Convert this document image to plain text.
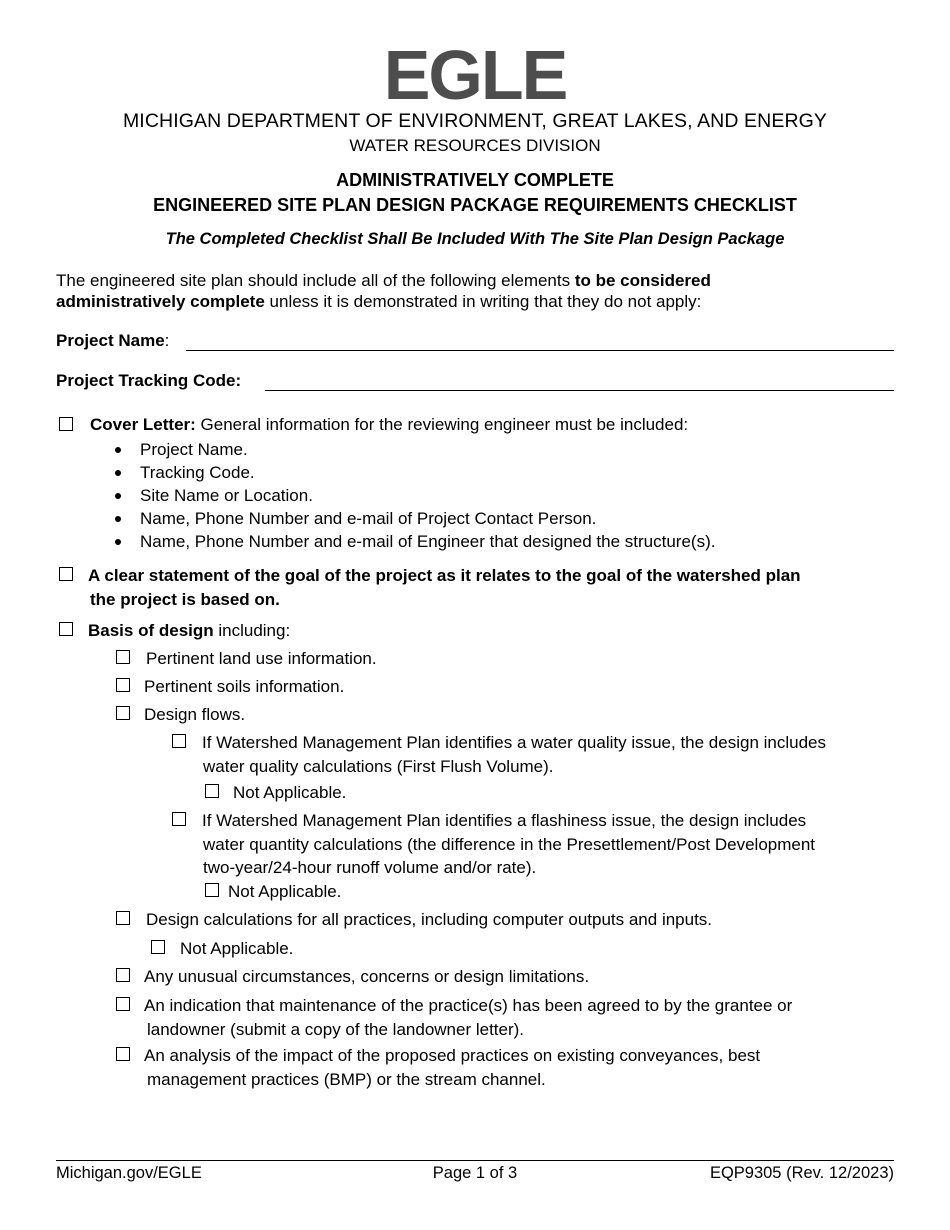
EGLE
MICHIGAN DEPARTMENT OF ENVIRONMENT, GREAT LAKES, AND ENERGY
WATER RESOURCES DIVISION
ADMINISTRATIVELY COMPLETE
ENGINEERED SITE PLAN DESIGN PACKAGE REQUIREMENTS CHECKLIST
The Completed Checklist Shall Be Included With The Site Plan Design Package
The engineered site plan should include all of the following elements to be considered
administratively complete unless it is demonstrated in writing that they do not apply:
Project Name:
Project Tracking Code:
Cover Letter: General information for the reviewing engineer must be included:
Project Name.
Tracking Code.
Site Name or Location.
Name, Phone Number and e-mail of Project Contact Person.
Name, Phone Number and e-mail of Engineer that designed the structure(s).
A clear statement of the goal of the project as it relates to the goal of the watershed plan
the project is based on.
Basis of design including:
Pertinent land use information.
Pertinent soils information.
Design flows.
If Watershed Management Plan identifies a water quality issue, the design includes
water quality calculations (First Flush Volume).
Not Applicable.
If Watershed Management Plan identifies a flashiness issue, the design includes
water quantity calculations (the difference in the Presettlement/Post Development
two-year/24-hour runoff volume and/or rate).
Not Applicable.
Design calculations for all practices, including computer outputs and inputs.
Not Applicable.
Any unusual circumstances, concerns or design limitations.
An indication that maintenance of the practice(s) has been agreed to by the grantee or
landowner (submit a copy of the landowner letter).
An analysis of the impact of the proposed practices on existing conveyances, best
management practices (BMP) or the stream channel.
Michigan.gov/EGLE	Page 1 of 3	EQP9305 (Rev. 12/2023)
